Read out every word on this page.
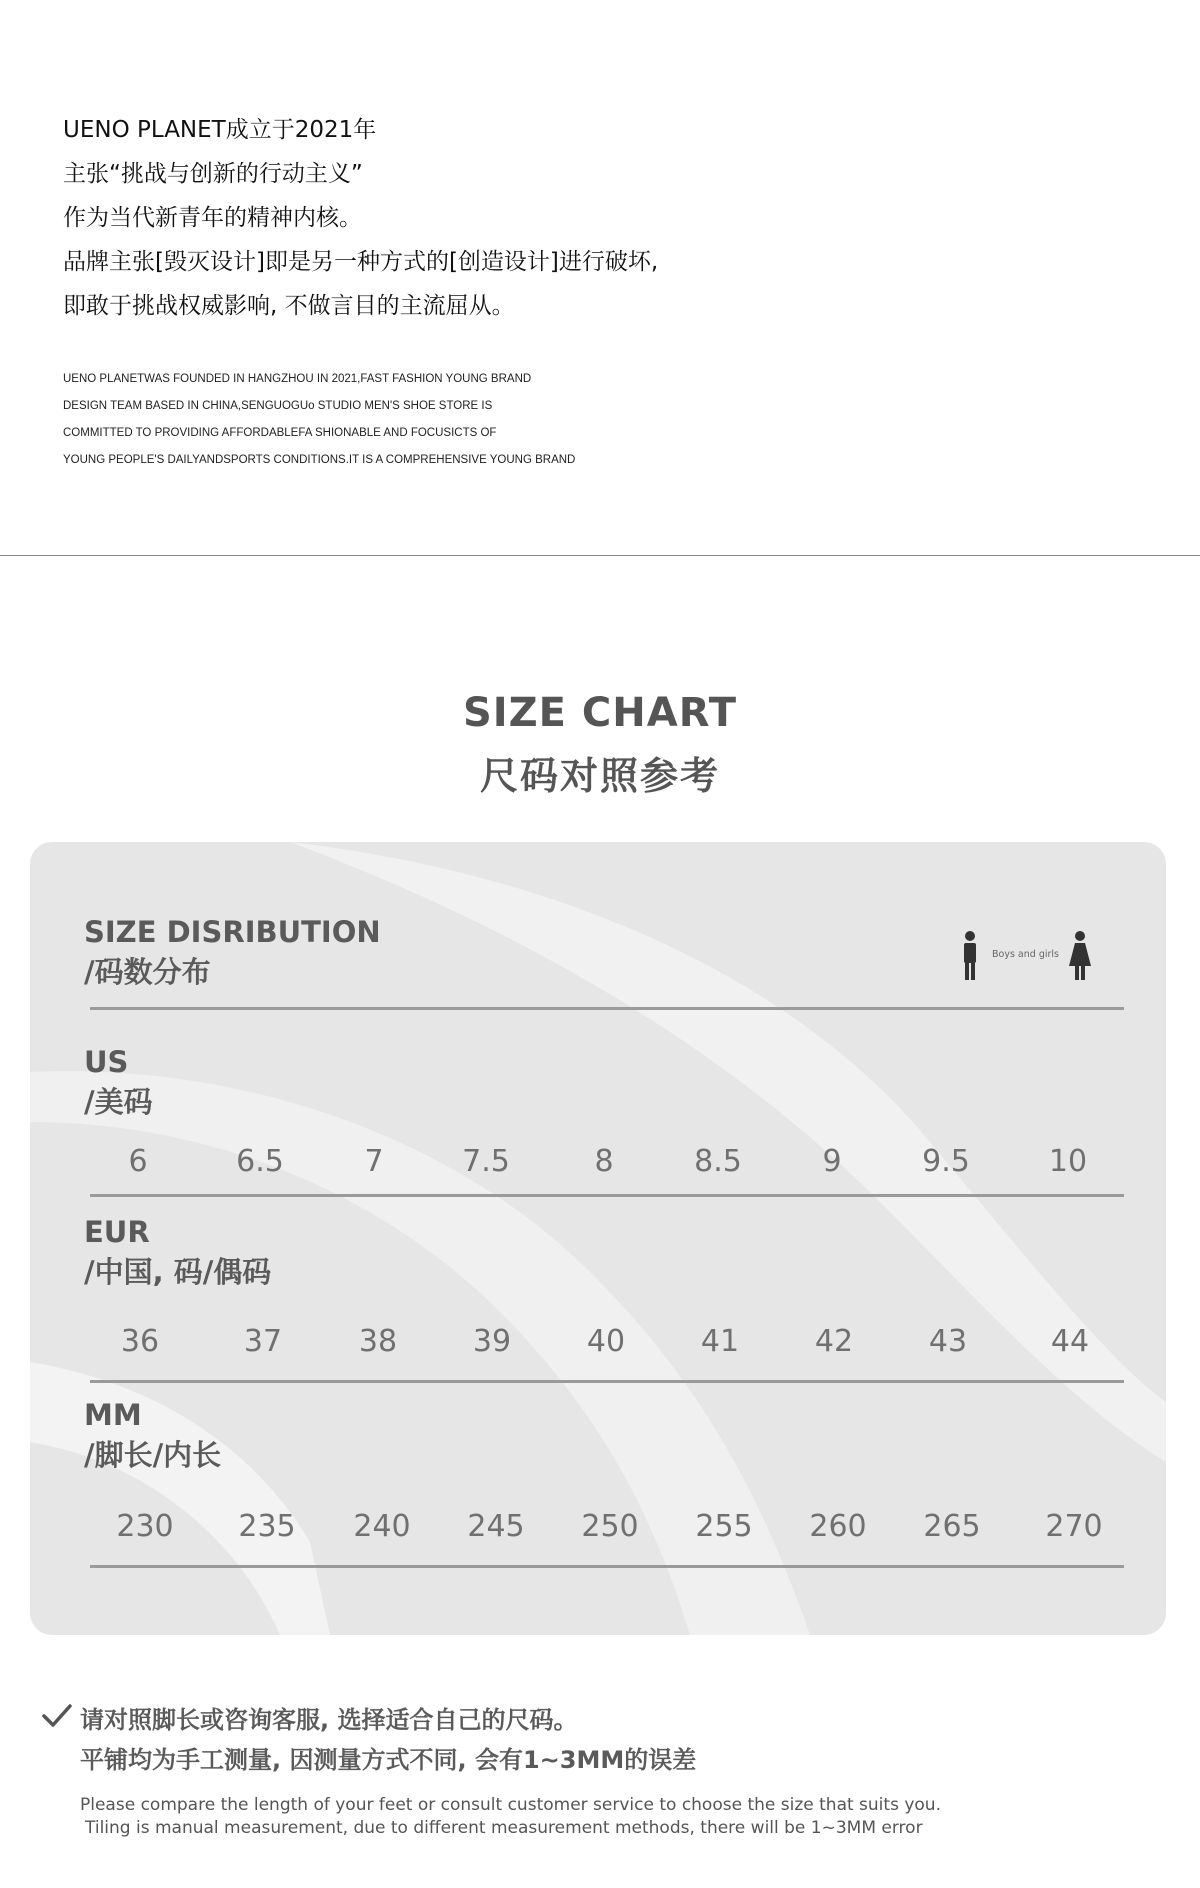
UENO PLANET成立于2021年
主张“挑战与创新的行动主义”
作为当代新青年的精神内核。
品牌主张[毁灭设计]即是另一种方式的[创造设计]进行破坏,
即敢于挑战权威影响, 不做言目的主流屈从。
UENO PLANETWAS FOUNDED IN HANGZHOU IN 2021,FAST FASHION YOUNG BRAND
DESIGN TEAM BASED IN CHINA,SENGUOGUo STUDIO MEN'S SHOE STORE IS
COMMITTED TO PROVIDING AFFORDABLEFA SHIONABLE AND FOCUSICTS OF
YOUNG PEOPLE'S DAILYANDSPORTS CONDITIONS.IT IS A COMPREHENSIVE YOUNG BRAND
SIZE CHART
尺码对照参考
SIZE DISRIBUTION
/码数分布
Boys and girls
US
/美码
6	6.5	7	7.5	8	8.5	9	9.5	10
EUR
/中国, 码/偶码
36	37	38	39	40	41	42	43	44
MM
/脚长/内长
230	235	240	245	250	255	260	265	270
请对照脚长或咨询客服, 选择适合自己的尺码。
平铺均为手工测量, 因测量方式不同, 会有1~3MM的误差
Please compare the length of your feet or consult customer service to choose the size that suits you.
Tiling is manual measurement, due to different measurement methods, there will be 1~3MM error
